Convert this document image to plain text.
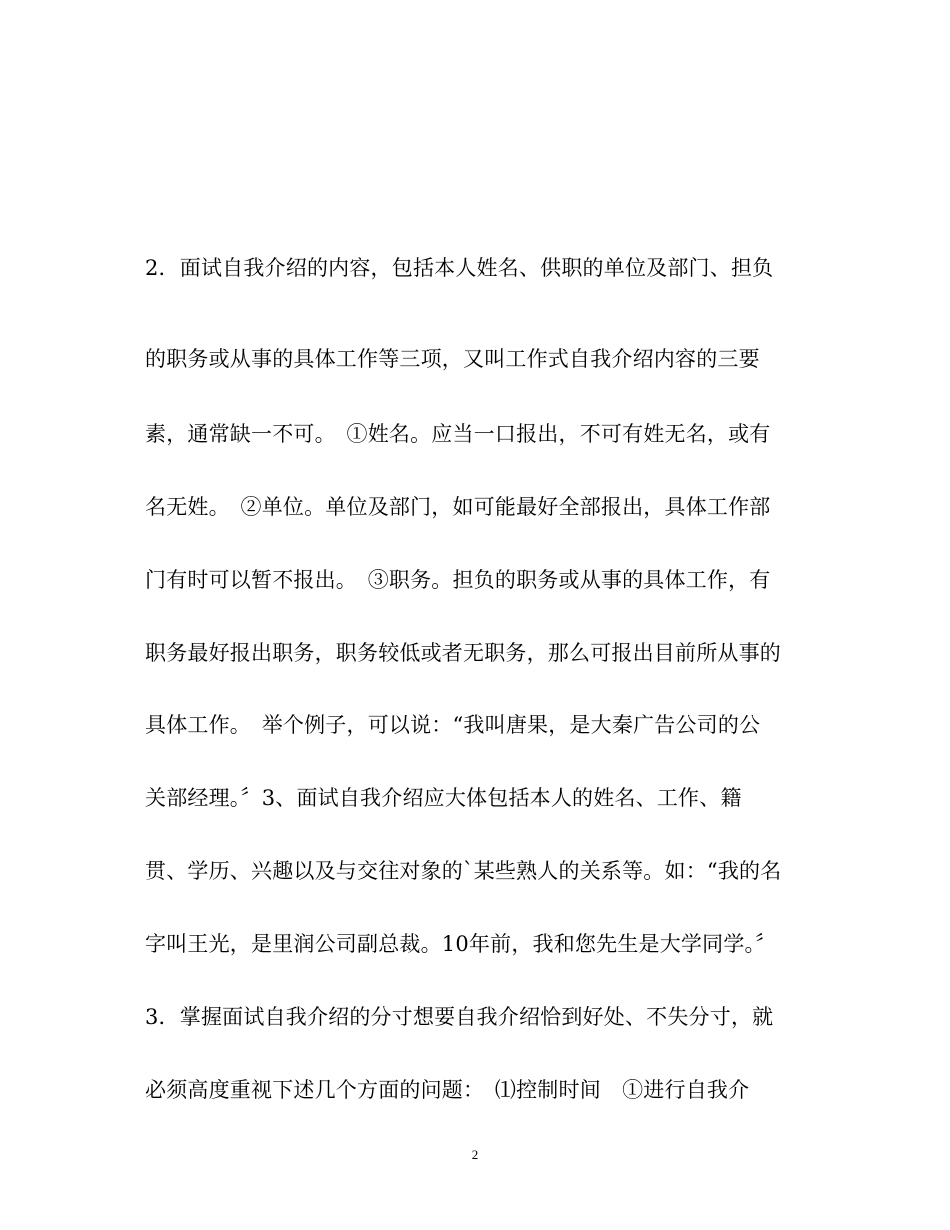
2．面试自我介绍的内容，包括本人姓名、供职的单位及部门、担负
的职务或从事的具体工作等三项，又叫工作式自我介绍内容的三要
素，通常缺一不可。　①姓名。应当一口报出，不可有姓无名，或有
名无姓。　②单位。单位及部门，如可能最好全部报出，具体工作部
门有时可以暂不报出。　③职务。担负的职务或从事的具体工作，有
职务最好报出职务，职务较低或者无职务，那么可报出目前所从事的
具体工作。　举个例子，可以说：“我叫唐果，是大秦广告公司的公
关部经理。〞3、面试自我介绍应大体包括本人的姓名、工作、籍
贯、学历、兴趣以及与交往对象的`某些熟人的关系等。如：“我的名
字叫王光，是里润公司副总裁。10年前，我和您先生是大学同学。〞
3．掌握面试自我介绍的分寸想要自我介绍恰到好处、不失分寸，就
必须高度重视下述几个方面的问题：　⑴控制时间　①进行自我介
2
